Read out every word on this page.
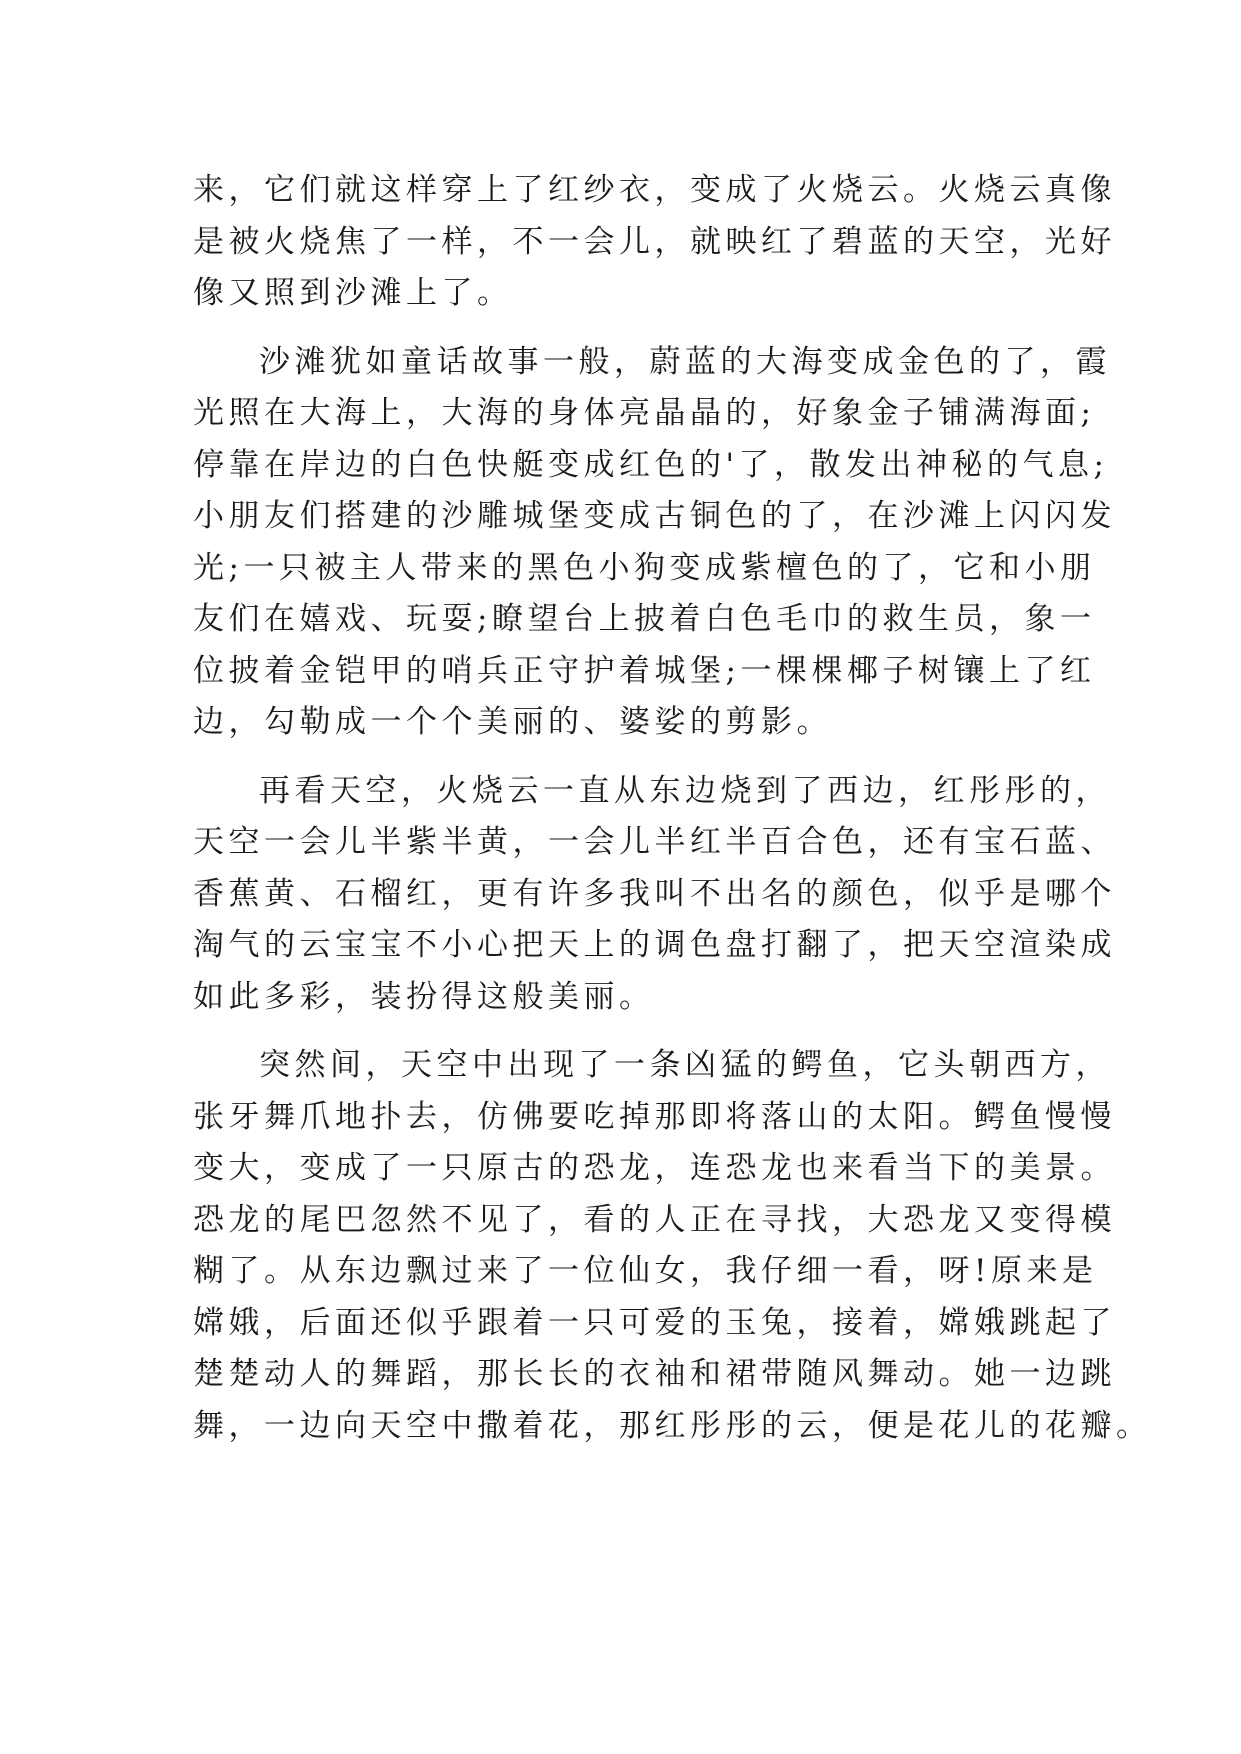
来，它们就这样穿上了红纱衣，变成了火烧云。火烧云真像
是被火烧焦了一样，不一会儿，就映红了碧蓝的天空，光好
像又照到沙滩上了。
沙滩犹如童话故事一般，蔚蓝的大海变成金色的了，霞
光照在大海上，大海的身体亮晶晶的，好象金子铺满海面;
停靠在岸边的白色快艇变成红色的'了，散发出神秘的气息;
小朋友们搭建的沙雕城堡变成古铜色的了，在沙滩上闪闪发
光;一只被主人带来的黑色小狗变成紫檀色的了，它和小朋
友们在嬉戏、玩耍;瞭望台上披着白色毛巾的救生员，象一
位披着金铠甲的哨兵正守护着城堡;一棵棵椰子树镶上了红
边，勾勒成一个个美丽的、婆娑的剪影。
再看天空，火烧云一直从东边烧到了西边，红彤彤的，
天空一会儿半紫半黄，一会儿半红半百合色，还有宝石蓝、
香蕉黄、石榴红，更有许多我叫不出名的颜色，似乎是哪个
淘气的云宝宝不小心把天上的调色盘打翻了，把天空渲染成
如此多彩，装扮得这般美丽。
突然间，天空中出现了一条凶猛的鳄鱼，它头朝西方，
张牙舞爪地扑去，仿佛要吃掉那即将落山的太阳。鳄鱼慢慢
变大，变成了一只原古的恐龙，连恐龙也来看当下的美景。
恐龙的尾巴忽然不见了，看的人正在寻找，大恐龙又变得模
糊了。从东边飘过来了一位仙女，我仔细一看，呀!原来是
嫦娥，后面还似乎跟着一只可爱的玉兔，接着，嫦娥跳起了
楚楚动人的舞蹈，那长长的衣袖和裙带随风舞动。她一边跳
舞，一边向天空中撒着花，那红彤彤的云，便是花儿的花瓣。
